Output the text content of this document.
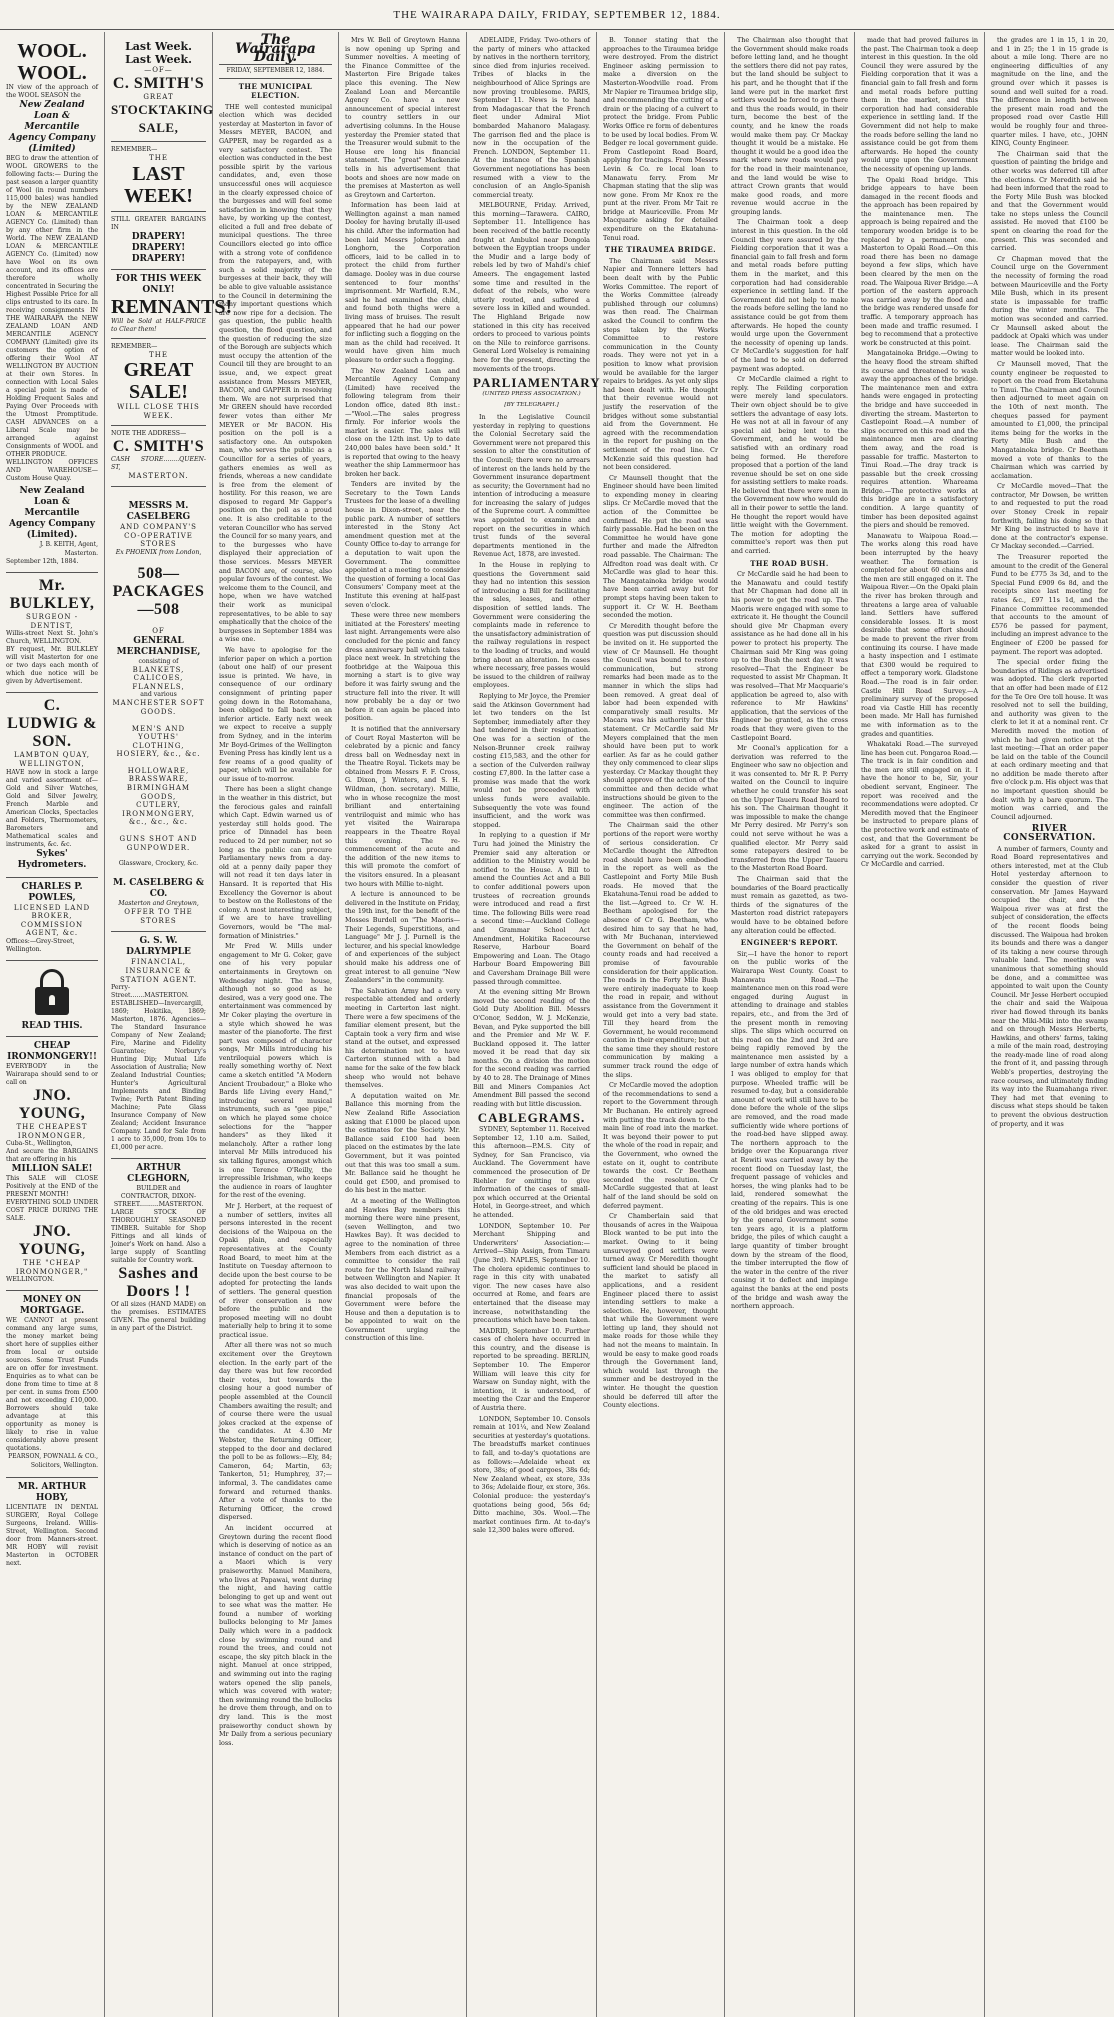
THE WAIRARAPA DAILY, FRIDAY, SEPTEMBER 12, 1884.
WOOL. WOOL.
IN view of the approach of the WOOL SEASON the
New Zealand Loan & Mercantile Agency Company (Limited)
BEG to draw the attention of WOOL GROWERS to the following facts:— During the past season a larger quantity of Wool (in round numbers 115,000 bales) was handled by the NEW ZEALAND LOAN & MERCANTILE AGENCY Co. (Limited) than by any other firm in the World. The NEW ZEALAND LOAN & MERCANTILE AGENCY Co. (Limited) now have Wool on its own account, and its offices are therefore wholly concentrated in Securing the Highest Possible Price for all clips entrusted to its care. In receiving consignments IN THE WAIRARAPA the NEW ZEALAND LOAN AND MERCANTILE AGENCY COMPANY (Limited) give its customers the option of offering their Wool AT WELLINGTON BY AUCTION at their own Stores. In connection with Local Sales a special point is made of Holding Frequent Sales and Paying Over Proceeds with the Utmost Promptitude. CASH ADVANCES on a Liberal Scale may be arranged against Consignments of WOOL and OTHER PRODUCE.
WELLINGTON OFFICES AND WAREHOUSE— Custom House Quay.
New Zealand Loan & Mercantile Agency Company (Limited).
J. B. KEITH, Agent, Masterton.
September 12th, 1884.
Mr. BULKLEY,
SURGEON - DENTIST,
Willis-street Next St. John's Church, WELLINGTON.
BY request, Mr. BULKLEY will visit Masterton for one or two days each month of which due notice will be given by Advertisement.
C. LUDWIG & SON.
LAMBTON QUAY, WELLINGTON,
HAVE now in stock a large and varied assortment of— Gold and Silver Watches, Gold and Silver Jewelry, French Marble and American Clocks, Spectacles and Folders, Thermometers, Barometers and Mathematical scales and instruments, &c. &c.
Sykes' Hydrometers.
CHARLES P. POWLES,
LICENSED LAND BROKER, COMMISSION AGENT, &c.
Offices:—Grey-Street, Wellington.
READ THIS.
CHEAP IRONMONGERY!!
EVERYBODY in the Wairarapa should send to or call on
JNO. YOUNG,
THE CHEAPEST IRONMONGER,
Cuba-St., Wellington,
And secure the BARGAINS that are offering in his
MILLION SALE!
This SALE will CLOSE Positively at the END of the PRESENT MONTH!
EVERYTHING SOLD UNDER COST PRICE DURING THE SALE.
JNO. YOUNG,
THE "CHEAP IRONMONGER,"
WELLINGTON.
MONEY ON MORTGAGE.
WE CANNOT at present command any large sums, the money market being short here of supplies either from local or outside sources. Some Trust Funds are on offer for investment. Enquiries as to what can be done from time to time at 8 per cent. in sums from £500 and not exceeding £10,000. Borrowers should take advantage at this opportunity as money is likely to rise in value considerably above present quotations.
PEARSON, FOWNALL & CO., Solicitors, Wellington.
MR. ARTHUR HOBY,
LICENTIATE IN DENTAL SURGERY, Royal College Surgeons, Ireland. Willis-Street, Wellington. Second door from Manners-street. MR HOBY will revisit Masterton in OCTOBER next.
Last Week. Last Week.
—OF—
C. SMITH'S
GREAT
STOCKTAKING SALE,
REMEMBER—
THE
LAST WEEK!
STILL GREATER BARGAINS IN
DRAPERY! DRAPERY! DRAPERY!
FOR THIS WEEK ONLY!
REMNANTS!
Will be Sold at HALF-PRICE to Clear them!
REMEMBER—
THE
GREAT SALE!
WILL CLOSE THIS WEEK.
NOTE THE ADDRESS—
C. SMITH'S
CASH STORE........QUEEN-ST,
MASTERTON.
MESSRS M. CASELBERG
AND COMPANY'S
CO-OPERATIVE STORES
Ex PHOENIX from London,
508—PACKAGES—508
OF
GENERAL MERCHANDISE,
consisting of
BLANKETS, CALICOES, FLANNELS,
and various
MANCHESTER SOFT GOODS.
MEN'S AND YOUTHS' CLOTHING,
HOSIERY, &c., &c.
HOLLOWARE, BRASSWARE,
BIRMINGHAM GOODS,
CUTLERY, IRONMONGERY,
&c., &c., &c.
GUNS SHOT AND GUNPOWDER.
Glassware, Crockery, &c.
M. CASELBERG & CO.
Masterton and Greytown,
OFFER TO THE STORES
G. S. W. DALRYMPLE
FINANCIAL, INSURANCE & STATION AGENT.
Perry-Street.......MASTERTON. ESTABLISHED—Invercargill, 1869; Hokitika, 1869; Masterton, 1876. Agencies—The Standard Insurance Company of New Zealand; Fire, Marine and Fidelity Guarantee; Norbury's Hunting Dip; Mutual Life Association of Australia; New Zealand Industrial Counties; Hunter's Agricultural Implements and Binding Twine; Perth Patent Binding Machine; Pate Glass Insurance Company of New Zealand; Accident Insurance Company. Land for Sale from 1 acre to 35,000, from 10s to £1,000 per acre.
ARTHUR CLEGHORN,
BUILDER and CONTRACTOR, DIXON-STREET..........MASTERTON.
LARGE STOCK OF THOROUGHLY SEASONED TIMBER. Suitable for Shop Fittings and all kinds of Joiner's Work on hand. Also a large supply of Scantling suitable for Country work.
Sashes and Doors ! !
Of all sizes (HAND MADE) on the premises. ESTIMATES GIVEN. The general building in any part of the District.
The Wairarapa Daily.
FRIDAY, SEPTEMBER 12, 1884.
THE MUNICIPAL ELECTION.

THE well contested municipal election which was decided yesterday at Masterton in favor of Messrs MEYER, BACON, and GAPPER, may be regarded as a very satisfactory contest. The election was conducted in the best possible spirit by the various candidates, and, even those unsuccessful ones will acquiesce in the clearly expressed choice of the burgesses and will feel some satisfaction in knowing that they have, by working up the contest, elicited a full and free debate of municipal questions. The three Councillors elected go into office with a strong vote of confidence from the ratepayers, and, with such a solid majority of the burgesses at their back, they will be able to give valuable assistance to the Council in determining the many important questions which are now ripe for a decision. The gas question, the public health question, the flood question, and the question of reducing the size of the Borough are subjects which must occupy the attention of the Council till they are brought to an issue, and, we expect great assistance from Messrs MEYER, BACON, and GAPPER in resolving them. We are not surprised that Mr GREEN should have recorded fewer votes than either Mr MEYER or Mr BACON. His position on the poll is a satisfactory one. An outspoken man, who serves the public as a Councillor for a series of years, gathers enemies as well as friends, whereas a new candidate is free from the element of hostility. For this reason, we are disposed to regard Mr Gapper's position on the poll as a proud one. It is also creditable to the veteran Councillor who has served the Council for so many years, and to the burgesses who have displayed their appreciation of those services. Messrs MEYER and BACON are, of course, also popular favours of the contest. We welcome them to the Council, and hope, when we have watched their work as municipal representatives, to be able to say emphatically that the choice of the burgesses in September 1884 was a wise one.

We have to apologise for the inferior paper on which a portion (about one half) of our present issue is printed. We have, in consequence of our ordinary consignment of printing paper going down in the Rotomahana, been obliged to fall back on an inferior article. Early next week we expect to receive a supply from Sydney, and in the interim Mr Boyd-Grimes of the Wellington Evening Press has kindly lent us a few reams of a good quality of paper, which will be available for our issue of to-morrow.

There has been a slight change in the weather in this district, but the ferocious gales and rainfall which Capt. Edwin warned us of yesterday still holds good. The price of Dinnadel has been reduced to 2d per number, not so long as the public can procure Parliamentary news from a day-old at a penny daily paper they will not read it ten days later in Hansard. It is reported that His Excellency the Governor is about to bestow on the Rollestons of the colony. A most interesting subject, if we are to have travelling Governors, would be "The mal-formation of Ministries."

Mr Fred W. Mills under engagement to Mr G. Coker, gave one of his very popular entertainments in Greytown on Wednesday night. The house, although not so good as he desired, was a very good one. The entertainment was commenced by Mr Coker playing the overture in a style which showed he was master of the pianoforte. The first part was composed of character songs, Mr Mills introducing his ventriloquial powers which is really something worthy of. Next came a sketch entitled "A Modern Ancient Troubadour," a Bloke who Bards life Living every Hand," introducing several musical instruments, such as "gee pipe," on which he played some choice selections for the "happer handers" as they liked it melancholy. After a rather long interval Mr Mills introduced his six talking figures, amongst which is one Terence O'Reilly, the irrepressible Irishman, who keeps the audience in roars of laughter for the rest of the evening.

Mr J. Herbert, at the request of a number of settlers, invites all persons interested in the recent decisions of the Waipoua on the Opaki plain, and especially representatives at the County Road Board, to meet him at the Institute on Tuesday afternoon to decide upon the best course to be adopted for protecting the lands of settlers. The general question of river conservation is now before the public and the proposed meeting will no doubt materially help to bring it to some practical issue.

After all there was not so much excitement over the Greytown election. In the early part of the day there was but few recorded their votes, but towards the closing hour a good number of people assembled at the Council Chambers awaiting the result; and of course there were the usual jokes cracked at the expense of the candidates. At 4.30 Mr Webster, the Returning Officer, stepped to the door and declared the poll to be as follows:—Ely, 84; Cameron, 64; Martin, 63; Tankerton, 51; Humphrey, 37;—informal, 3. The candidates came forward and returned thanks. After a vote of thanks to the Returning Officer, the crowd dispersed.

An incident occurred at Greytown during the recent flood which is deserving of notice as an instance of conduct on the part of a Maori which is very praiseworthy. Manuel Manihera, who lives at Papawai, went during the night, and having cattle belonging to get up and went out to see what was the matter. He found a number of working bullocks belonging to Mr James Daily which were in a paddock close by swimming round and round the trees, and could not escape, the sky pitch black in the night. Manuel at once stripped, and swimming out into the raging waters opened the slip panels, which was covered with water; then swimming round the bullocks he drove them through, and on to dry land. This is the most praiseworthy conduct shown by Mr Daily from a serious pecuniary loss.

Mrs W. Bell of Greytown Hanna is now opening up Spring and Summer novelties. A meeting of the Finance Committee of the Masterton Fire Brigade takes place this evening. The New Zealand Loan and Mercantile Agency Co. have a new announcement of special interest to country settlers in our advertising columns. In the House yesterday the Premier stated that the Treasurer would submit to the House ere long his financial statement. The "great" Mackenzie tells in his advertisement that boots and shoes are now made on the premises at Masterton as well as Greytown and Carterton.

Information has been laid at Wellington against a man named Dooley for having brutally ill-used his child. After the information had been laid Messrs Johnston and Longhorn, the Corporation officers, laid to be called in to protect the child from further damage. Dooley was in due course sentenced to four months' imprisonment. Mr Warfield, R.M., said he had examined the child, and found both thighs were a living mass of bruises. The result appeared that he had our power for inflicting such a flogging on the man as the child had received. It would have given him much pleasure to order such a flogging.

The New Zealand Loan and Mercantile Agency Company (Limited) have received the following telegram from their London office, dated 8th inst.:—"Wool.—The sales progress firmly. For inferior wools the market is easier. The sales will close on the 12th inst. Up to date 240,000 bales have been sold." It is reported that owing to the heavy weather the ship Lammermoor has broken her back.

Tenders are invited by the Secretary to the Town Lands Trustees for the lease of a dwelling house in Dixon-street, near the public park. A number of settlers interested in the Stony Act amendment question met at the County Office to-day to arrange for a deputation to wait upon the Government. The committee appointed at a meeting to consider the question of forming a local Gas Consumers' Company meet at the Institute this evening at half-past seven o'clock.

These were three new members initiated at the Foresters' meeting last night. Arrangements were also concluded for the picnic and fancy dress anniversary ball which takes place next week. In stretching the footbridge at the Waipoua this morning a start is to give way before it was fairly swung and the structure fell into the river. It will now probably be a day or two before it can again be placed into position.

It is notified that the anniversary of Court Royal Masterton will be celebrated by a picnic and fancy dress ball on Wednesday next in the Theatre Royal. Tickets may be obtained from Messrs F. F. Cross, G. Dixon, J. Winters, and S. H. Wildman, (hon. secretary). Millie, who in whose recognize the most brilliant and entertaining ventriloquist and mimic who has yet visited the Wairarapa reappears in the Theatre Royal this evening. The re-commencement of the acute and the addition of the new items to this will promote the comfort of the visitors ensured. In a pleasant two hours with Millie to-night.

A lecture is announced to be delivered in the Institute on Friday, the 19th inst, for the benefit of the Mosses Burdell on "The Maoris—Their Legends, Superstitions, and Language" Mr J. J. Purnell is the lecturer, and his special knowledge of and experiences of the subject should make his address one of great interest to all genuine "New Zealanders" in the community.

The Salvation Army had a very respectable attended and orderly meeting in Carterton last night. There were a few specimens of the familiar element present, but the Captain took a very firm and wise stand at the outset, and expressed his determination not to have Carterton stunned with a bad name for the sake of the few black sheep who would not behave themselves.

A deputation waited on Mr. Ballance this morning from the New Zealand Rifle Association asking that £1000 be placed upon the estimates for the Society. Mr. Ballance said £100 had been placed on the estimates by the late Government, but it was pointed out that this was too small a sum. Mr. Ballance said he thought he could get £500, and promised to do his best in the matter.

At a meeting of the Wellington and Hawkes Bay members this morning there were nine present, (seven Wellington, and two Hawkes Bay). It was decided to agree to the nomination of three Members from each district as a committee to consider the rail route for the North Island railway between Wellington and Napier. It was also decided to wait upon the financial proposals of the Government were before the House and then a deputation is to be appointed to wait on the Government urging the construction of this line.

ADELAIDE, Friday. Two-others of the party of miners who attacked by natives in the northern territory, since died from injuries received. Tribes of blacks in the neighbourhood of Alice Springs are now proving troublesome. PARIS, September 11. News is to hand from Madagascar that the French fleet under Admiral Miot bombarded Mahanoro Malagasy. The garrison fled and the place is now in the occupation of the French. LONDON, September 11. At the instance of the Spanish Government negotiations has been resumed with a view to the conclusion of an Anglo-Spanish commercial treaty.

MELBOURNE, Friday. Arrived, this morning—Tarawera. CAIRO, September 11. Intelligence has been received of the battle recently fought at Ambukol near Dongola between the Egyptian troops under the Mudir and a large body of rebels led by two of Mahdi's chief Ameers. The engagement lasted some time and resulted in the defeat of the rebels, who were utterly routed, and suffered a severe loss in killed and wounded. The Highland Brigade now stationed in this city has received orders to proceed to various points on the Nile to reinforce garrisons. General Lord Wolseley is remaining here for the present, directing the movements of the troops.

PARLIAMENTARY
(UNITED PRESS ASSOCIATION.)
[BY TELEGRAPH.]

In the Legislative Council yesterday in replying to questions the Colonial Secretary said the Government were not prepared this session to alter the constitution of the Council; there were no arrears of interest on the lands held by the Government insurance department as security; the Government had no intention of introducing a measure for increasing the salary of judges of the Supreme court. A committee was appointed to examine and report on the securities in which trust funds of the several departments mentioned in the Revenue Act, 1878, are invested.

In the House in replying to questions the Government said they had no intention this session of introducing a Bill for facilitating the sales, leases, and other disposition of settled lands. The Government were considering the complaints made in reference to the unsatisfactory administration of the railway regulations in respect to the loading of trucks, and would bring about an alteration. In cases where necessary, free passes would be issued to the children of railway employees.

Replying to Mr Joyce, the Premier said the Atkinson Government had let two tenders on the Ist September, immediately after they had tendered in their resignation. One was for a section of the Nelson-Brunner creek railway costing £15,583, and the other for a section of the Culverden railway costing £7,800. In the latter case a promise was made that the work would not be proceeded with unless funds were available. Subsequently the vote was found insufficient, and the work was stopped.

In replying to a question if Mr Turu had joined the Ministry the Premier said any alteration or addition to the Ministry would be notified to the House. A Bill to amend the Counties Act and a Bill to confer additional powers upon trustees of recreation grounds were introduced and read a first time. The following Bills were read a second time:—Auckland College and Grammar School Act Amendment, Hokitika Racecourse Reserve, Harbour Board Empowering and Loan. The Otago Harbour Board Empowering Bill and Caversham Drainage Bill were passed through committee.

At the evening sitting Mr Brown moved the second reading of the Gold Duty Abolition Bill. Messrs O'Conor, Seddon, W. J. McKenzie, Bevan, and Pyke supported the bill and the Premier and Mr W. F. Buckland opposed it. The latter moved it be read that day six months. On a division the motion for the second reading was carried by 40 to 28. The Drainage of Mines Bill and Miners Companies Act Amendment Bill passed the second reading with but little discussion.

CABLEGRAMS.

SYDNEY, September 11. Received September 12, 1.10 a.m. Sailed, this afternoon—P.M.S. City of Sydney, for San Francisco, via Auckland. The Government have commenced the prosecution of Dr Riehler for omitting to give information of the cases of small-pox which occurred at the Oriental Hotel, in George-street, and which he attended.

LONDON, September 10. Per Merchant Shipping and Underwriters' Association:—Arrived—Ship Assign, from Timaru (June 3rd). NAPLES, September 10. The cholera epidemic continues to rage in this city with unabated vigor. The new cases have also occurred at Rome, and fears are entertained that the disease may increase, notwithstanding the precautions which have been taken.

MADRID, September 10. Further cases of cholera have occurred in this country, and the disease is reported to be spreading. BERLIN, September 10. The Emperor William will leave this city for Warsaw on Sunday night, with the intention, it is understood, of meeting the Czar and the Emperor of Austria there.

LONDON, September 10. Consols remain at 101¼, and New Zealand securities at yesterday's quotations. The breadstuffs market continues to fall, and to-day's quotations are as follows:—Adelaide wheat ex store, 38s; of good cargoes, 38s 6d; New Zealand wheat, ex store, 33s to 36s; Adelaide flour, ex store, 36s. Colonial produce: the yesterday's quotations being good, 56s 6d; Ditto machine, 30s. Wool.—The market continues firm. At to-day's sale 12,300 bales were offered.

B. Tonner stating that the approaches to the Tiraumea bridge were destroyed. From the district Engineer asking permission to make a diversion on the Masterton-Woodville road. From Mr Napier re Tiraumea bridge slip, and recommending the cutting of a drain or the placing of a culvert to protect the bridge. From Public Works Office re form of debentures to be used by local bodies. From W. Bedger re local government guide. From Castlepoint Road Board, applying for tracings. From Messrs Levin & Co. re local loan to Manawatu ferry. From Mr Chapman stating that the slip was now gone. From Mr Knox re the punt at the river. From Mr Tait re bridge at Mauriceville. From Mr Macquarie asking for detailed expenditure on the Ekatahuna-Tenui road.

THE TIRAUMEA BRIDGE.

The Chairman said Messrs Napier and Tonnere letters had been dealt with by the Public Works Committee. The report of the Works Committee (already published through our columns) was then read. The Chairman asked the Council to confirm the steps taken by the Works Committee to restore communication in the County roads. They were not yet in a position to know what provision would be available for the larger repairs to bridges. As yet only slips had been dealt with. He thought that their revenue would not justify the reservation of the bridges without some substantial aid from the Government. He agreed with the recommendation in the report for pushing on the settlement of the road line. Cr McKenzie said this question had not been considered.

Cr Maunsell thought that the Engineer should have been limited to expending money in clearing slips. Cr McCardle moved that the action of the Committee be confirmed. He put the road was fairly passable. Had he been on the Committee he would have gone further and made the Alfredton road passable. The Chairman: The Alfredton road was dealt with. Cr McCardle was glad to hear this. The Mangatainoka bridge would have been carried away but for prompt steps having been taken to support it. Cr W. H. Beetham seconded the motion.

Cr Meredith thought before the question was put discussion should be invited on it. He supported the view of Cr Maunsell. He thought the Council was bound to restore communication, but strong remarks had been made as to the manner in which the slips had been removed. A great deal of labor had been expended with comparatively small results. Mr Macara was his authority for this statement. Cr McCardle said Mr Meyers complained that the men should have been put to work earlier. As far as he could gather they only commenced to clear slips yesterday. Cr Mackay thought they should approve of the action of the committee and then decide what instructions should be given to the engineer. The action of the committee was then confirmed.

The Chairman said the other portions of the report were worthy of serious consideration. Cr McCardle thought the Alfredton road should have been embodied in the report as well as the Castlepoint and Forty Mile Bush roads. He moved that the Ekatahuna-Tenui road be added to the list.—Agreed to. Cr W. H. Beetham apologised for the absence of Cr G. Beetham, who desired him to say that he had, with Mr Buchanan, interviewed the Government on behalf of the county roads and had received a promise of favourable consideration for their application. The roads in the Forty Mile Bush were entirely inadequate to keep the road in repair, and without assistance from the Government it would get into a very bad state. Till they heard from the Government, he would recommend caution in their expenditure; but at the same time they should restore communication by making a summer track round the edge of the slips.

Cr McCardle moved the adoption of the recommendations to send a report to the Government through Mr Buchanan. He entirely agreed with putting the track down to the main line of road into the market. It was beyond their power to put the whole of the road in repair, and the Government, who owned the estate on it, ought to contribute towards the cost. Cr Beetham seconded the resolution. Cr McCardle suggested that at least half of the land should be sold on deferred payment.

Cr Chamberlain said that thousands of acres in the Waipoua Block wanted to be put into the market. Owing to it being unsurveyed good settlers were turned away. Cr Meredith thought sufficient land should be placed in the market to satisfy all applications, and a resident Engineer placed there to assist intending settlers to make a selection. He, however, thought that while the Government were letting up land, they should not make roads for those while they had not the means to maintain. In would be easy to make good roads through the Government land, which would last through the summer and be destroyed in the winter. He thought the question should be deferred till after the County elections.

The Chairman also thought that the Government should make roads before letting land, and he thought the settlers there did not pay rates, but the land should be subject to his part, and he thought that if the land were put in the market first settlers would be forced to go there and thus the roads would, in their turn, become the best of the county, and he knew the roads would make them pay. Cr Mackay thought it would be a mistake. He thought it would be a good idea the mark where new roads would pay for the road in their maintenance, and the land would be wise to attract Crown grants that would make good roads, and more revenue would accrue in the grouping lands.

The Chairman took a deep interest in this question. In the old Council they were assured by the Fielding corporation that it was a financial gain to fall fresh and form and metal roads before putting them in the market, and this corporation had had considerable experience in settling land. If the Government did not help to make the roads before selling the land no assistance could be got from them afterwards. He hoped the county would urge upon the Government the necessity of opening up lands. Cr McCardle's suggestion for half of the land to be sold on deferred payment was adopted.

Cr McCardle claimed a right to reply. The Feilding corporation were merely land speculators. Their own object should be to give settlers the advantage of easy lots. He was not at all in favour of any special aid being lent to the Government, and he would be satisfied with an ordinary road being formed. He therefore proposed that a portion of the land revenue should be set on one side for assisting settlers to make roads. He believed that there were men in the Government now who would do all in their power to settle the land. He thought the report would have little weight with the Government. The motion for adopting the committee's report was then put and carried.

THE ROAD BUSH.

Cr McCardle said he had been to the Manawatu and could testify that Mr Chapman had done all in his power to get the road up. The Maoris were engaged with some to extricate it. He thought the Council should give Mr Chapman every assistance as he had done all in his power to protect his property. The Chairman said Mr King was going up to the Bush the next day. It was resolved—That the Engineer be requested to assist Mr Chapman. It was resolved—That Mr Macquarie's application be agreed to, also with reference to Mr Hawkins' application, that the services of the Engineer be granted, as the cross roads that they were given to the Castlepoint Board.

Mr Coonal's application for a derivation was referred to the Engineer who saw no objection and it was consented to. Mr R. P. Perry waited on the Council to inquire whether he could transfer his seat on the Upper Taueru Road Board to his son. The Chairman thought it was impossible to make the change Mr Perry desired. Mr Perry's son could not serve without he was a qualified elector. Mr Perry said some ratepayers desired to be transferred from the Upper Taueru to the Masterton Road Board.

The Chairman said that the boundaries of the Board practically must remain as gazetted, as two-thirds of the signatures of the Masterton road district ratepayers would have to be obtained before any alteration could be effected.

ENGINEER'S REPORT.

Sir,—I have the honor to report on the public works of the Wairarapa West County. Coast to Manawatu Road.—The maintenance men on this road were engaged during August in attending to drainage and stables repairs, etc., and from the 3rd of the present month in removing slips. The slips which occurred on this road on the 2nd and 3rd are being rapidly removed by the maintenance men assisted by a large number of extra hands which I was obliged to employ for that purpose. Wheeled traffic will be resumed to-day, but a considerable amount of work will still have to be done before the whole of the slips are removed, and the road made sufficiently wide where portions of the road-bed have slipped away. The northern approach to the bridge over the Kopuaranga river at Rewiti was carried away by the recent flood on Tuesday last, the frequent passage of vehicles and horses, the wing planks had to be laid, rendered somewhat the creating of the repairs. This is one of the old bridges and was erected by the general Government some ten years ago, it is a platform bridge, the piles of which caught a large quantity of timber brought down by the stream of the flood, the timber interrupted the flow of the water in the centre of the river causing it to deflect and impinge against the banks at the end posts of the bridge and wash away the northern approach.

made that had proved failures in the past. The Chairman took a deep interest in this question. In the old Council they were assured by the Fielding corporation that it was a financial gain to fall fresh and form and metal roads before putting them in the market, and this corporation had had considerable experience in settling land. If the Government did not help to make the roads before selling the land no assistance could be got from them afterwards. He hoped the county would urge upon the Government the necessity of opening up lands.

The Opaki Road bridge. This bridge appears to have been damaged in the recent floods and the approach has been repaired by the maintenance men. The approach is being repaired and the temporary wooden bridge is to be replaced by a permanent one. Masterton to Opaki Road.—On this road there has been no damage beyond a few slips, which have been cleared by the men on the road. The Waipoua River Bridge.—A portion of the eastern approach was carried away by the flood and the bridge was rendered unsafe for traffic. A temporary approach has been made and traffic resumed. I beg to recommend that a protective work be constructed at this point.

Mangatainoka Bridge.—Owing to the heavy flood the stream shifted its course and threatened to wash away the approaches of the bridge. The maintenance men and extra hands were engaged in protecting the bridge and have succeeded in diverting the stream. Masterton to Castlepoint Road.—A number of slips occurred on this road and the maintenance men are clearing them away, and the road is passable for traffic. Masterton to Tinui Road.—The dray track is passable but the creek crossing requires attention. Whareama Bridge.—The protective works at this bridge are in a satisfactory condition. A large quantity of timber has been deposited against the piers and should be removed.

Manawatu to Waipoua Road.—The works along this road have been interrupted by the heavy weather. The formation is completed for about 60 chains and the men are still engaged on it. The Waipoua River.—On the Opaki plain the river has broken through and threatens a large area of valuable land. Settlers have suffered considerable losses. It is most desirable that some effort should be made to prevent the river from continuing its course. I have made a hasty inspection and I estimate that £300 would be required to effect a temporary work. Gladstone Road.—The road is in fair order. Castle Hill Road Survey.—A preliminary survey of the proposed road via Castle Hill has recently been made. Mr Hall has furnished me with information as to the grades and quantities.

Whakataki Road.—The surveyed line has been cut. Pongaroa Road.—The track is in fair condition and the men are still engaged on it. I have the honor to be, Sir, your obedient servant, Engineer. The report was received and the recommendations were adopted. Cr Meredith moved that the Engineer be instructed to prepare plans of the protective work and estimate of cost, and that the Government be asked for a grant to assist in carrying out the work. Seconded by Cr McCardle and carried.

the grades are 1 in 15, 1 in 20, and 1 in 25; the 1 in 15 grade is about a mile long. There are no engineering difficulties of any magnitude on the line, and the ground over which it passes is sound and well suited for a road. The difference in length between the present main road and the proposed road over Castle Hill would be roughly four and three-quarter miles. I have, etc., JOHN KING, County Engineer.

The Chairman said that the question of painting the bridge and other works was deferred till after the elections. Cr Meredith said he had been informed that the road to the Forty Mile Bush was blocked and that the Government would take no steps unless the Council assisted. He moved that £100 be spent on clearing the road for the present. This was seconded and carried.

Cr Chapman moved that the Council urge on the Government the necessity of forming the road between Mauriceville and the Forty Mile Bush, which in its present state is impassable for traffic during the winter months. The motion was seconded and carried. Cr Maunsell asked about the paddock at Opaki which was under lease. The Chairman said the matter would be looked into.

Cr Maunsell moved, That the county engineer be requested to report on the road from Eketahuna to Tinui. The Chairman and Council then adjourned to meet again on the 10th of next month. The cheques passed for payment amounted to £1,000, the principal items being for the works in the Forty Mile Bush and the Mangatainoka bridge. Cr Beetham moved a vote of thanks to the Chairman which was carried by acclamation.

Cr McCardle moved—That the contractor, Mr Dowsen, be written to and requested to put the road over Stoney Creek in repair forthwith, failing his doing so that Mr King be instructed to have it done at the contractor's expense. Cr Mackay seconded.—Carried.

The Treasurer reported the amount to the credit of the General Fund to be £775 3s 3d, and to the Special Fund £909 6s 8d, and the receipts since last meeting for rates &c., £97 11s 1d, and the Finance Committee recommended that accounts to the amount of £576 be passed for payment, including an imprest advance to the Engineer of £200 be passed for payment. The report was adopted.

The special order fixing the boundaries of Ridings as advertised was adopted. The clerk reported that an offer had been made of £12 for the Te Ore Ore toll house. It was resolved not to sell the building, and authority was given to the clerk to let it at a nominal rent. Cr Meredith moved the motion of which he had given notice at the last meeting:—That an order paper be laid on the table of the Council at each ordinary meeting and that no addition be made thereto after five o'clock p.m. His object was that no important question should be dealt with by a bare quorum. The motion was carried, and the Council adjourned.

RIVER CONSERVATION.

A number of farmers, County and Road Board representatives and others interested, met at the Club Hotel yesterday afternoon to consider the question of river conservation. Mr James Hayward occupied the chair, and the Waipoua river was at first the subject of consideration, the effects of the recent floods being discussed. The Waipoua had broken its bounds and there was a danger of its taking a new course through valuable land. The meeting was unanimous that something should be done, and a committee was appointed to wait upon the County Council. Mr Jesse Herbert occupied the chair and said the Waipoua river had flowed through its banks near the Miki-Miki into the swamp and on through Messrs Herberts, Hawkins, and others' farms, taking a mile of the main road, destroying the ready-made line of road along the front of it, and passing through Webb's properties, destroying the race courses, and ultimately finding its way into the Ruamahanga river. They had met that evening to discuss what steps should be taken to prevent the obvious destruction of property, and it was
